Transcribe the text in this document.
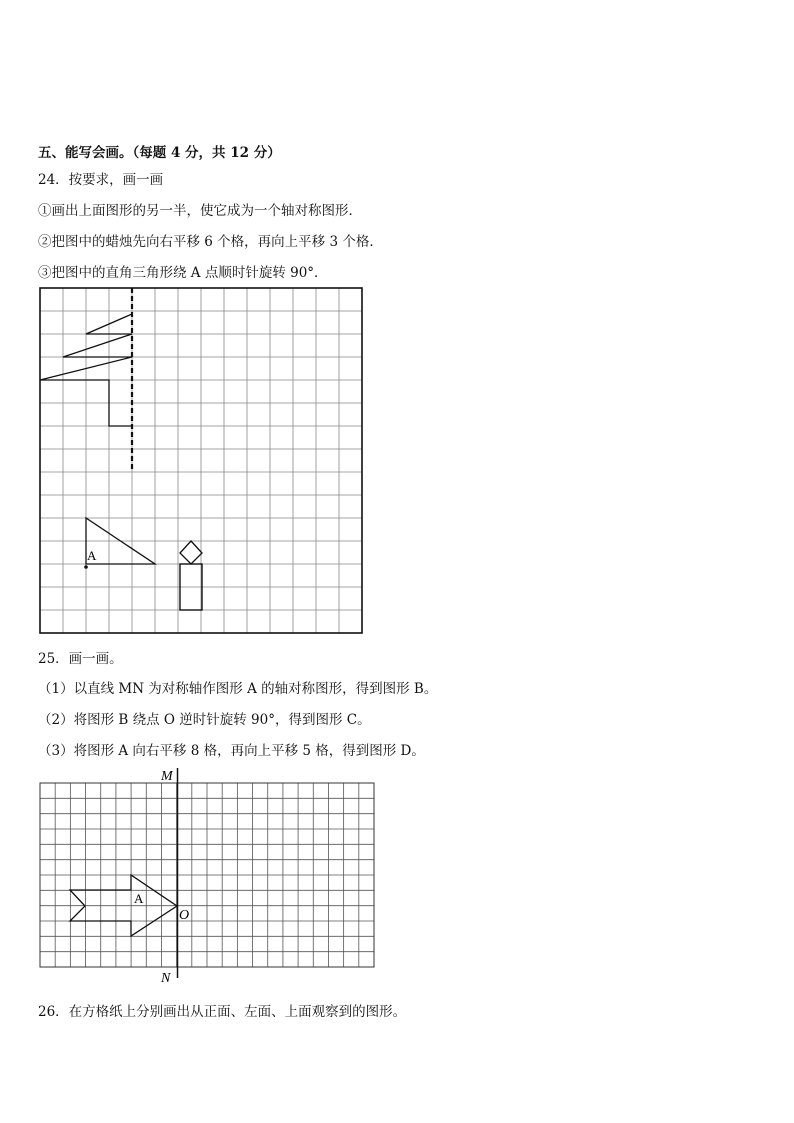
五、能写会画。（每题 4 分，共 12 分）
24．按要求，画一画
①画出上面图形的另一半，使它成为一个轴对称图形．
②把图中的蜡烛先向右平移 6 个格，再向上平移 3 个格．
③把图中的直角三角形绕 A 点顺时针旋转 90°．
A
25．画一画。
（1）以直线 MN 为对称轴作图形 A 的轴对称图形，得到图形 B。
（2）将图形 B 绕点 O 逆时针旋转 90°，得到图形 C。
（3）将图形 A 向右平移 8 格，再向上平移 5 格，得到图形 D。
M
N
O
A
26．在方格纸上分别画出从正面、左面、上面观察到的图形。
